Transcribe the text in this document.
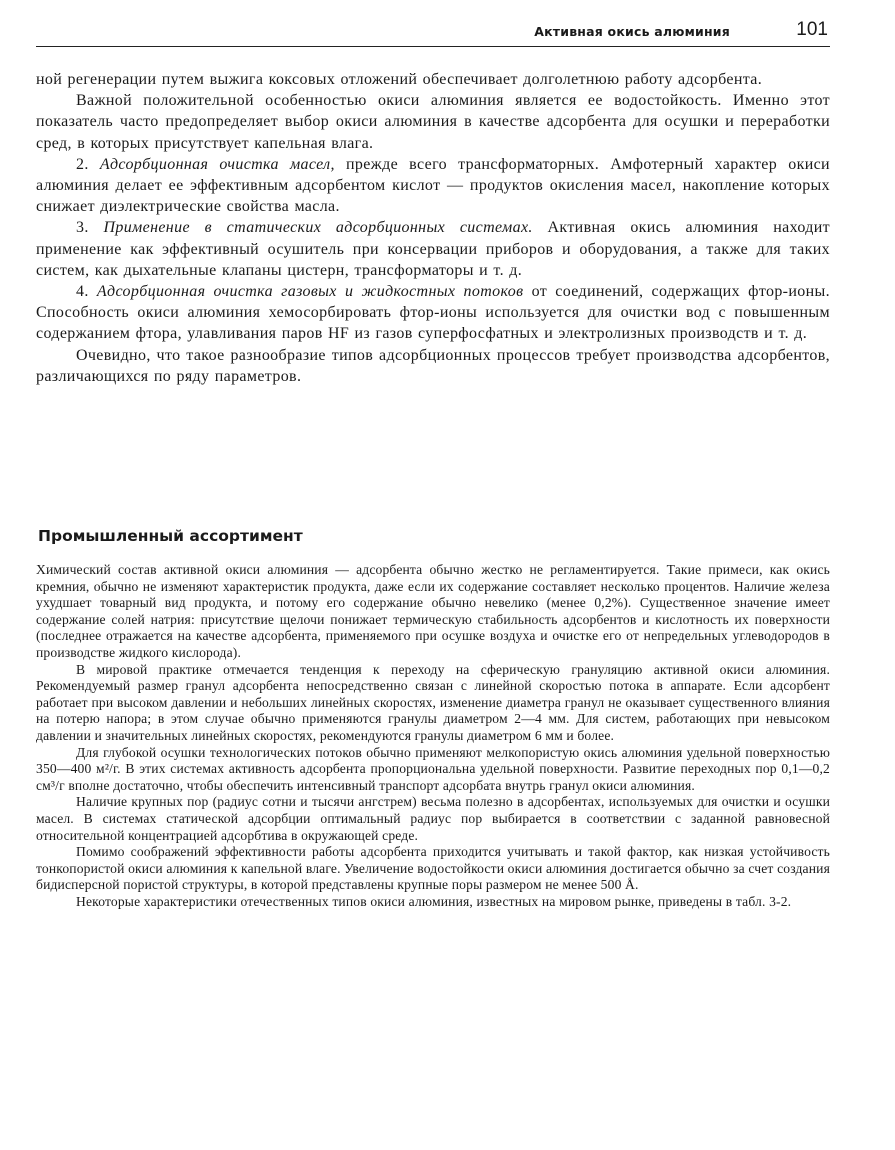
Активная окись алюминия	101

ной регенерации путем выжига коксовых отложений обеспечивает долголетнюю работу адсорбента.

Важной положительной особенностью окиси алюминия является ее водостойкость. Именно этот показатель часто предопределяет выбор окиси алюминия в качестве адсорбента для осушки и переработки сред, в которых присутствует капельная влага.

2. Адсорбционная очистка масел, прежде всего трансформаторных. Амфотерный характер окиси алюминия делает ее эффективным адсорбентом кислот — продуктов окисления масел, накопление которых снижает диэлектрические свойства масла.

3. Применение в статических адсорбционных системах. Активная окись алюминия находит применение как эффективный осушитель при консервации приборов и оборудования, а также для таких систем, как дыхательные клапаны цистерн, трансформаторы и т. д.

4. Адсорбционная очистка газовых и жидкостных потоков от соединений, содержащих фтор-ионы. Способность окиси алюминия хемосорбировать фтор-ионы используется для очистки вод с повышенным содержанием фтора, улавливания паров HF из газов суперфосфатных и электролизных производств и т. д.

Очевидно, что такое разнообразие типов адсорбционных процессов требует производства адсорбентов, различающихся по ряду параметров.

Промышленный ассортимент

Химический состав активной окиси алюминия — адсорбента обычно жестко не регламентируется. Такие примеси, как окись кремния, обычно не изменяют характеристик продукта, даже если их содержание составляет несколько процентов. Наличие железа ухудшает товарный вид продукта, и потому его содержание обычно невелико (менее 0,2%). Существенное значение имеет содержание солей натрия: присутствие щелочи понижает термическую стабильность адсорбентов и кислотность их поверхности (последнее отражается на качестве адсорбента, применяемого при осушке воздуха и очистке его от непредельных углеводородов в производстве жидкого кислорода).

В мировой практике отмечается тенденция к переходу на сферическую грануляцию активной окиси алюминия. Рекомендуемый размер гранул адсорбента непосредственно связан с линейной скоростью потока в аппарате. Если адсорбент работает при высоком давлении и небольших линейных скоростях, изменение диаметра гранул не оказывает существенного влияния на потерю напора; в этом случае обычно применяются гранулы диаметром 2—4 мм. Для систем, работающих при невысоком давлении и значительных линейных скоростях, рекомендуются гранулы диаметром 6 мм и более.

Для глубокой осушки технологических потоков обычно применяют мелкопористую окись алюминия удельной поверхностью 350—400 м²/г. В этих системах активность адсорбента пропорциональна удельной поверхности. Развитие переходных пор 0,1—0,2 см³/г вполне достаточно, чтобы обеспечить интенсивный транспорт адсорбата внутрь гранул окиси алюминия.

Наличие крупных пор (радиус сотни и тысячи ангстрем) весьма полезно в адсорбентах, используемых для очистки и осушки масел. В системах статической адсорбции оптимальный радиус пор выбирается в соответствии с заданной равновесной относительной концентрацией адсорбтива в окружающей среде.

Помимо соображений эффективности работы адсорбента приходится учитывать и такой фактор, как низкая устойчивость тонкопористой окиси алюминия к капельной влаге. Увеличение водостойкости окиси алюминия достигается обычно за счет создания бидисперсной пористой структуры, в которой представлены крупные поры размером не менее 500 Å.

Некоторые характеристики отечественных типов окиси алюминия, известных на мировом рынке, приведены в табл. 3-2.
